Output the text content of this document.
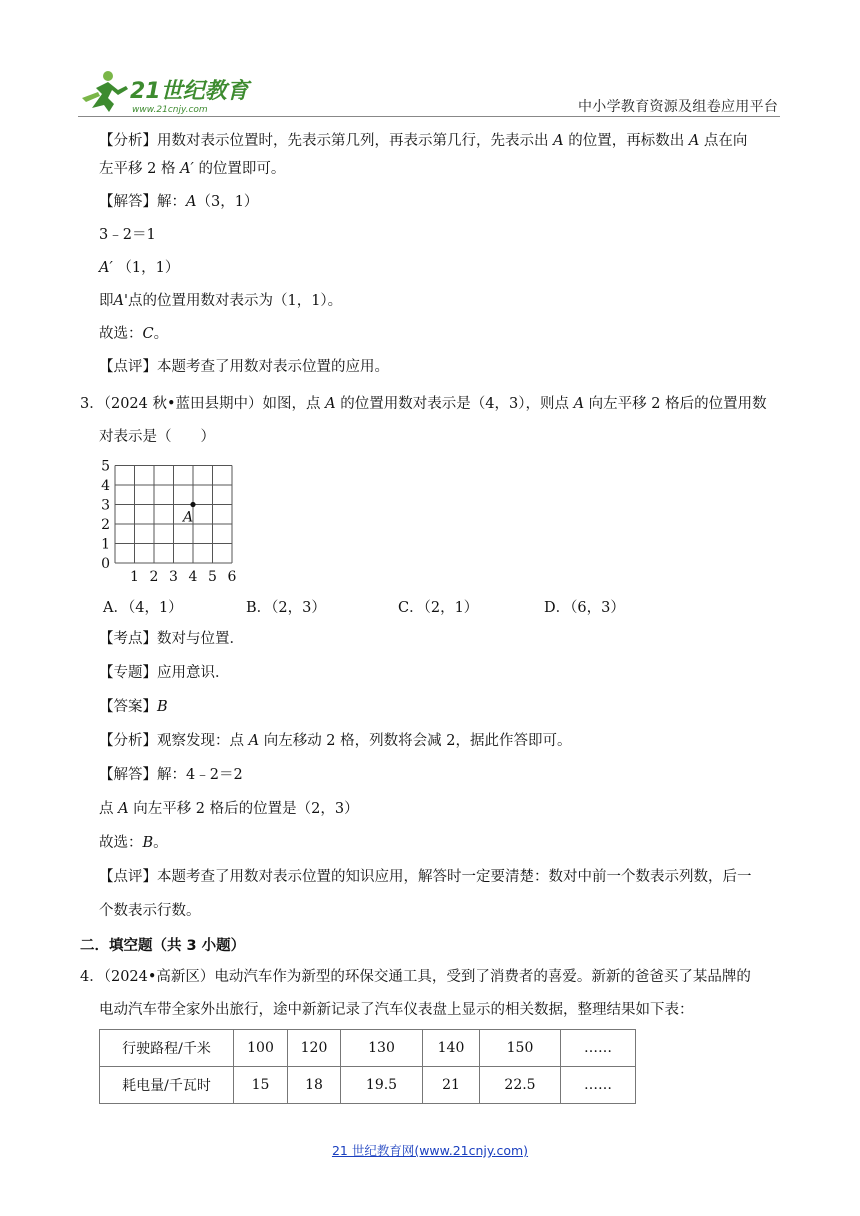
21世纪教育
www.21cnjy.com	中小学教育资源及组卷应用平台
【分析】用数对表示位置时，先表示第几列，再表示第几行，先表示出 A 的位置，再标数出 A 点在向
左平移 2 格 A′ 的位置即可。
【解答】解：A（3，1）
3﹣2＝1
A′ （1，1）
即A'点的位置用数对表示为（1，1）。
故选：C。
【点评】本题考查了用数对表示位置的应用。
3．（2024 秋•蓝田县期中）如图，点 A 的位置用数对表示是（4，3），则点 A 向左平移 2 格后的位置用数
对表示是（　　）
1 2 3 4 5 6
0
1
2
3
4
5
A
A．（4，1）	B．（2，3）	C．（2，1）	D．（6，3）
【考点】数对与位置．
【专题】应用意识．
【答案】B
【分析】观察发现：点 A 向左移动 2 格，列数将会减 2，据此作答即可。
【解答】解：4﹣2＝2
点 A 向左平移 2 格后的位置是（2，3）
故选：B。
【点评】本题考查了用数对表示位置的知识应用，解答时一定要清楚：数对中前一个数表示列数，后一
个数表示行数。
二．填空题（共 3 小题）
4．（2024•高新区）电动汽车作为新型的环保交通工具，受到了消费者的喜爱。新新的爸爸买了某品牌的
电动汽车带全家外出旅行，途中新新记录了汽车仪表盘上显示的相关数据，整理结果如下表：
行驶路程/千米	100	120	130	140	150	……
耗电量/千瓦时	15	18	19.5	21	22.5	……
21 世纪教育网(www.21cnjy.com)
